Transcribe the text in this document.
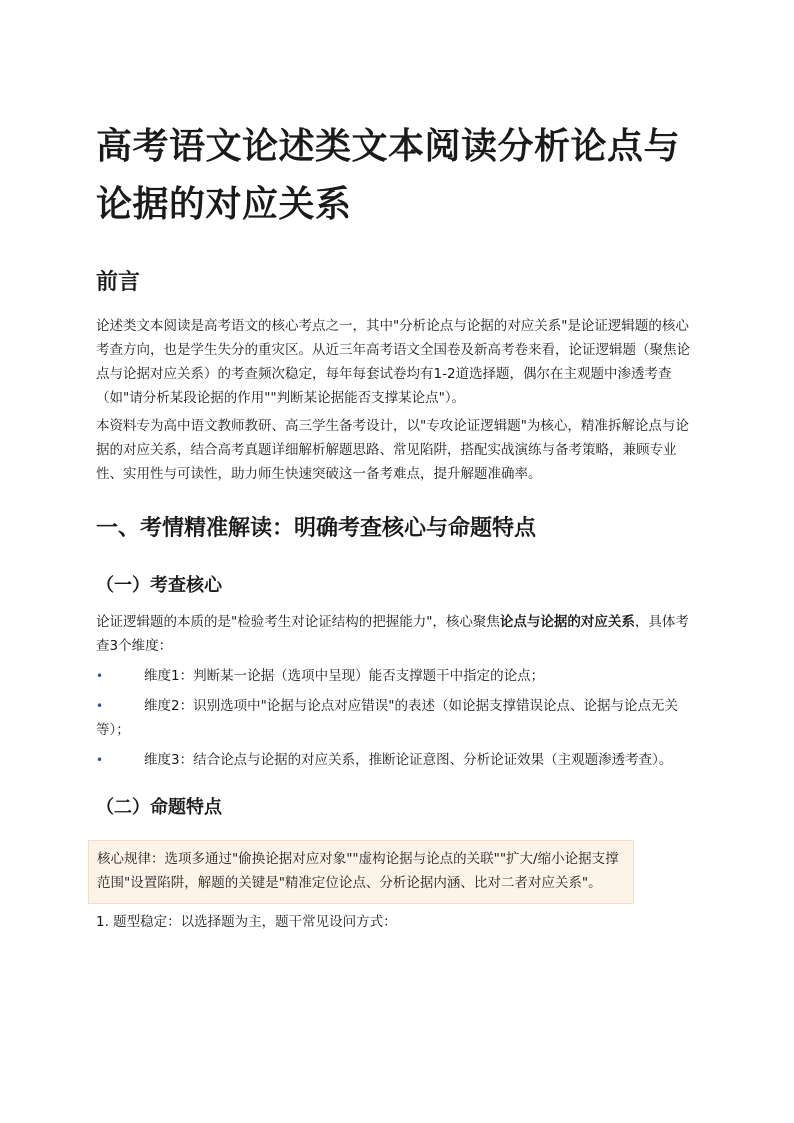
高考语文论述类文本阅读分析论点与论据的对应关系
前言

论述类文本阅读是高考语文的核心考点之一，其中"分析论点与论据的对应关系"是论证逻辑题的核心考查方向，也是学生失分的重灾区。从近三年高考语文全国卷及新高考卷来看，论证逻辑题（聚焦论点与论据对应关系）的考查频次稳定，每年每套试卷均有1-2道选择题，偶尔在主观题中渗透考查（如"请分析某段论据的作用""判断某论据能否支撑某论点"）。

本资料专为高中语文教师教研、高三学生备考设计，以"专攻论证逻辑题"为核心，精准拆解论点与论据的对应关系，结合高考真题详细解析解题思路、常见陷阱，搭配实战演练与备考策略，兼顾专业性、实用性与可读性，助力师生快速突破这一备考难点，提升解题准确率。

一、考情精准解读：明确考查核心与命题特点
（一）考查核心

论证逻辑题的本质的是"检验考生对论证结构的把握能力"，核心聚焦论点与论据的对应关系，具体考查3个维度：

•	维度1：判断某一论据（选项中呈现）能否支撑题干中指定的论点；
•	维度2：识别选项中"论据与论点对应错误"的表述（如论据支撑错误论点、论据与论点无关等）；
•	维度3：结合论点与论据的对应关系，推断论证意图、分析论证效果（主观题渗透考查）。
（二）命题特点

核心规律：选项多通过"偷换论据对应对象""虚构论据与论点的关联""扩大/缩小论据支撑范围"设置陷阱，解题的关键是"精准定位论点、分析论据内涵、比对二者对应关系"。

1. 题型稳定：以选择题为主，题干常见设问方式：
